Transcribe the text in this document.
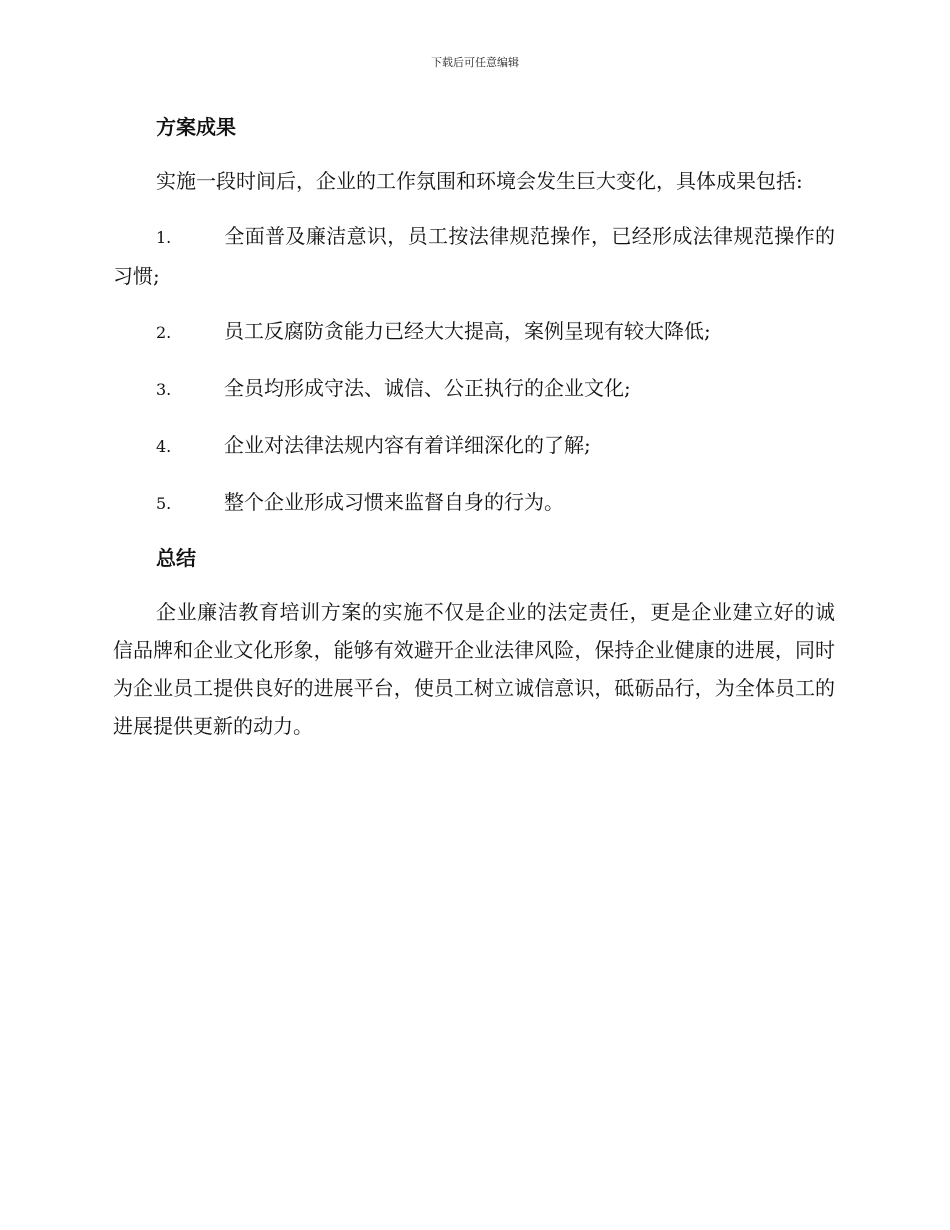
下载后可任意编辑

方案成果

实施一段时间后，企业的工作氛围和环境会发生巨大变化，具体成果包括:

1.	全面普及廉洁意识，员工按法律规范操作，已经形成法律规范操作的习惯;

2.	员工反腐防贪能力已经大大提高，案例呈现有较大降低;

3.	全员均形成守法、诚信、公正执行的企业文化;

4.	企业对法律法规内容有着详细深化的了解;

5.	整个企业形成习惯来监督自身的行为。

总结

企业廉洁教育培训方案的实施不仅是企业的法定责任，更是企业建立好的诚信品牌和企业文化形象，能够有效避开企业法律风险，保持企业健康的进展，同时为企业员工提供良好的进展平台，使员工树立诚信意识，砥砺品行，为全体员工的进展提供更新的动力。
